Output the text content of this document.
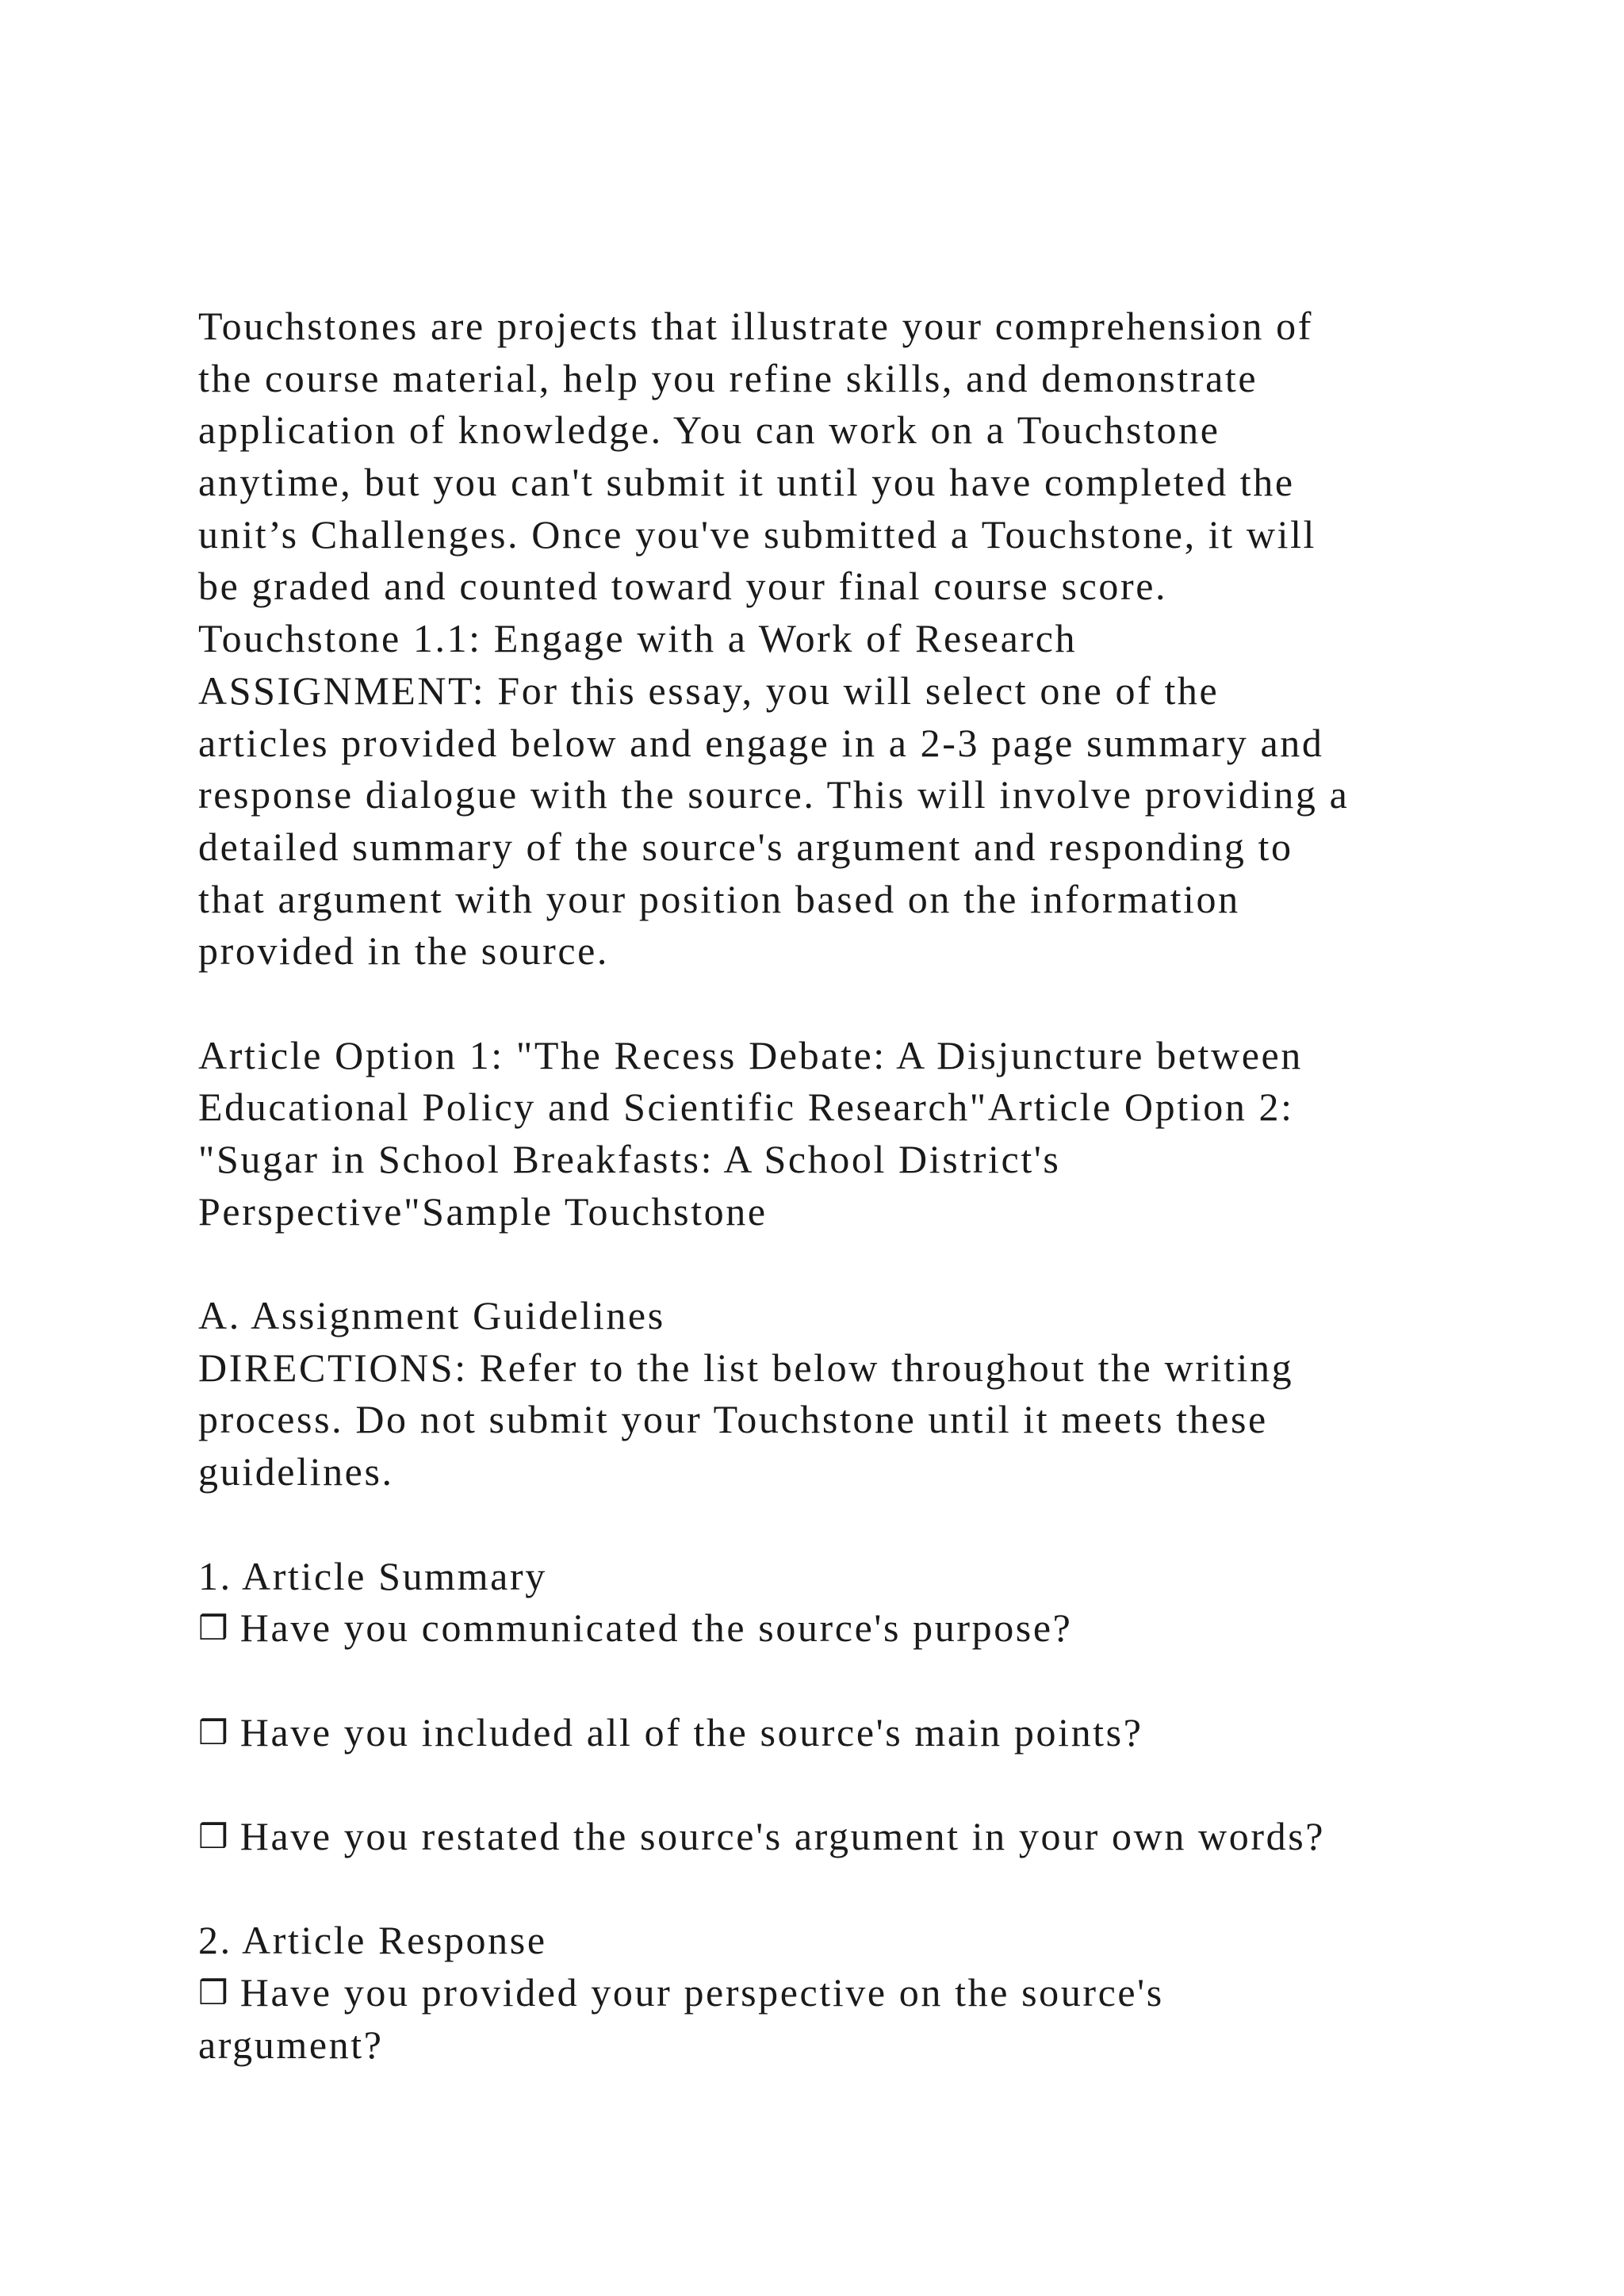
Touchstones are projects that illustrate your comprehension of
the course material, help you refine skills, and demonstrate
application of knowledge. You can work on a Touchstone
anytime, but you can't submit it until you have completed the
unit’s Challenges. Once you've submitted a Touchstone, it will
be graded and counted toward your final course score.
Touchstone 1.1: Engage with a Work of Research
ASSIGNMENT: For this essay, you will select one of the
articles provided below and engage in a 2-3 page summary and
response dialogue with the source. This will involve providing a
detailed summary of the source's argument and responding to
that argument with your position based on the information
provided in the source.
Article Option 1: "The Recess Debate: A Disjuncture between
Educational Policy and Scientific Research"Article Option 2:
"Sugar in School Breakfasts: A School District's
Perspective"Sample Touchstone
A. Assignment Guidelines
DIRECTIONS: Refer to the list below throughout the writing
process. Do not submit your Touchstone until it meets these
guidelines.
1. Article Summary
❒ Have you communicated the source's purpose?
❒ Have you included all of the source's main points?
❒ Have you restated the source's argument in your own words?
2. Article Response
❒ Have you provided your perspective on the source's
argument?
